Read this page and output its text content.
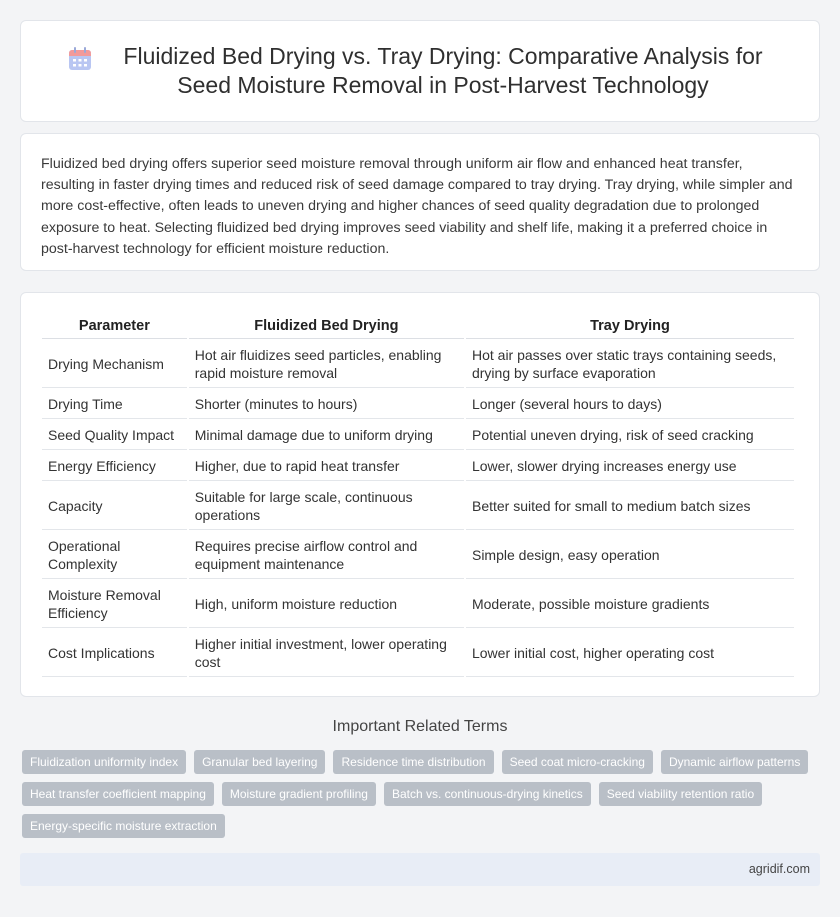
Fluidized Bed Drying vs. Tray Drying: Comparative Analysis for Seed Moisture Removal in Post-Harvest Technology

Fluidized bed drying offers superior seed moisture removal through uniform air flow and enhanced heat transfer, resulting in faster drying times and reduced risk of seed damage compared to tray drying. Tray drying, while simpler and more cost-effective, often leads to uneven drying and higher chances of seed quality degradation due to prolonged exposure to heat. Selecting fluidized bed drying improves seed viability and shelf life, making it a preferred choice in post-harvest technology for efficient moisture reduction.

Parameter	Fluidized Bed Drying	Tray Drying
Drying Mechanism	Hot air fluidizes seed particles, enabling rapid moisture removal	Hot air passes over static trays containing seeds, drying by surface evaporation
Drying Time	Shorter (minutes to hours)	Longer (several hours to days)
Seed Quality Impact	Minimal damage due to uniform drying	Potential uneven drying, risk of seed cracking
Energy Efficiency	Higher, due to rapid heat transfer	Lower, slower drying increases energy use
Capacity	Suitable for large scale, continuous operations	Better suited for small to medium batch sizes
Operational Complexity	Requires precise airflow control and equipment maintenance	Simple design, easy operation
Moisture Removal Efficiency	High, uniform moisture reduction	Moderate, possible moisture gradients
Cost Implications	Higher initial investment, lower operating cost	Lower initial cost, higher operating cost
Important Related Terms
Fluidization uniformity index	Granular bed layering	Residence time distribution	Seed coat micro-cracking	Dynamic airflow patterns
Heat transfer coefficient mapping	Moisture gradient profiling	Batch vs. continuous-drying kinetics	Seed viability retention ratio
Energy-specific moisture extraction
agridif.com
